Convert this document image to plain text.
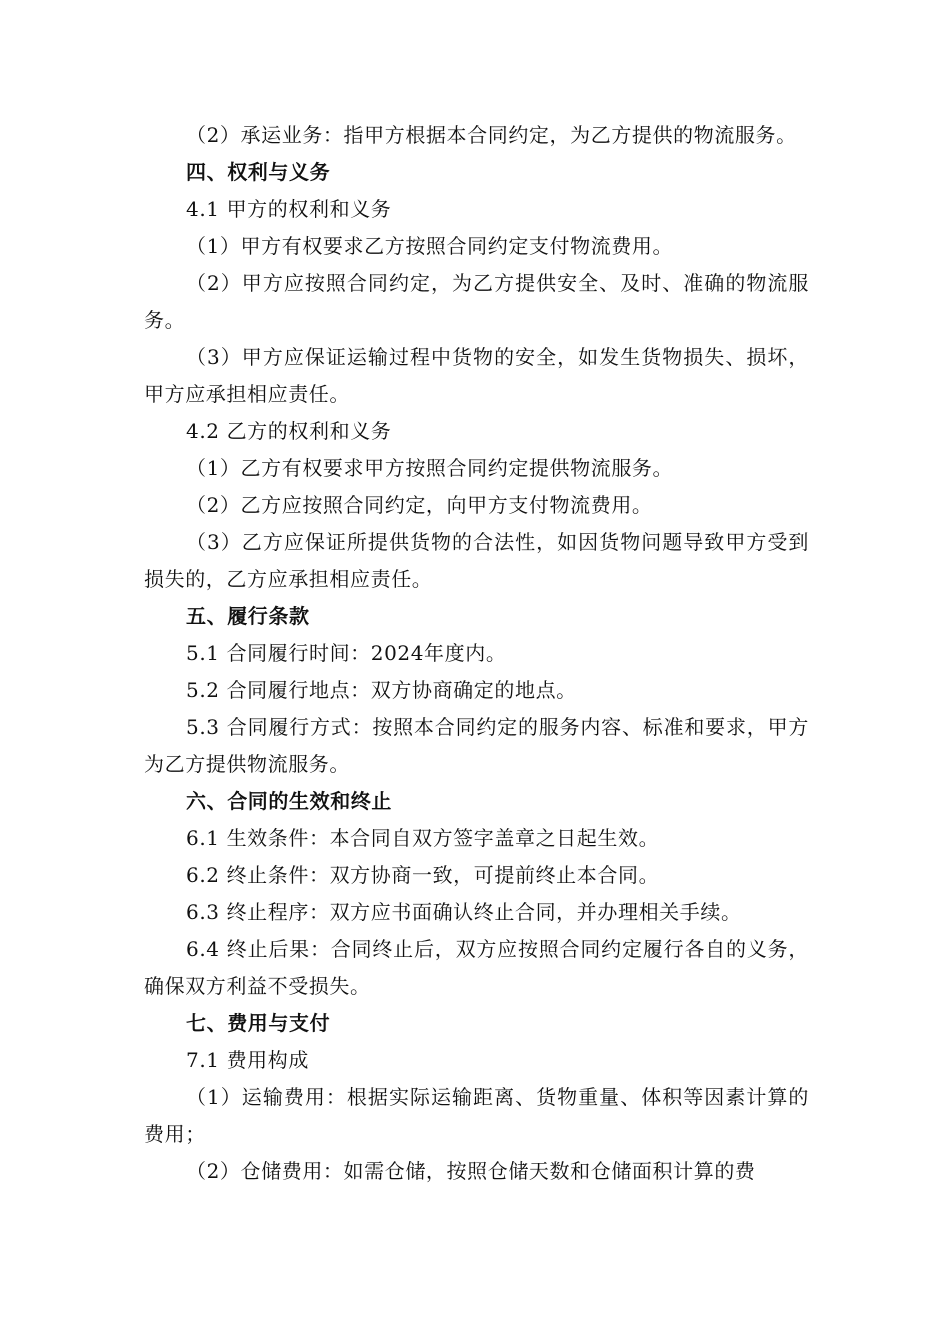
（2）承运业务：指甲方根据本合同约定，为乙方提供的物流服务。

四、权利与义务

4.1 甲方的权利和义务

（1）甲方有权要求乙方按照合同约定支付物流费用。

（2）甲方应按照合同约定，为乙方提供安全、及时、准确的物流服务。

（3）甲方应保证运输过程中货物的安全，如发生货物损失、损坏，甲方应承担相应责任。

4.2 乙方的权利和义务

（1）乙方有权要求甲方按照合同约定提供物流服务。

（2）乙方应按照合同约定，向甲方支付物流费用。

（3）乙方应保证所提供货物的合法性，如因货物问题导致甲方受到损失的，乙方应承担相应责任。

五、履行条款

5.1 合同履行时间：2024年度内。

5.2 合同履行地点：双方协商确定的地点。

5.3 合同履行方式：按照本合同约定的服务内容、标准和要求，甲方为乙方提供物流服务。

六、合同的生效和终止

6.1 生效条件：本合同自双方签字盖章之日起生效。

6.2 终止条件：双方协商一致，可提前终止本合同。

6.3 终止程序：双方应书面确认终止合同，并办理相关手续。

6.4 终止后果：合同终止后，双方应按照合同约定履行各自的义务，确保双方利益不受损失。

七、费用与支付

7.1 费用构成

（1）运输费用：根据实际运输距离、货物重量、体积等因素计算的费用；

（2）仓储费用：如需仓储，按照仓储天数和仓储面积计算的费
